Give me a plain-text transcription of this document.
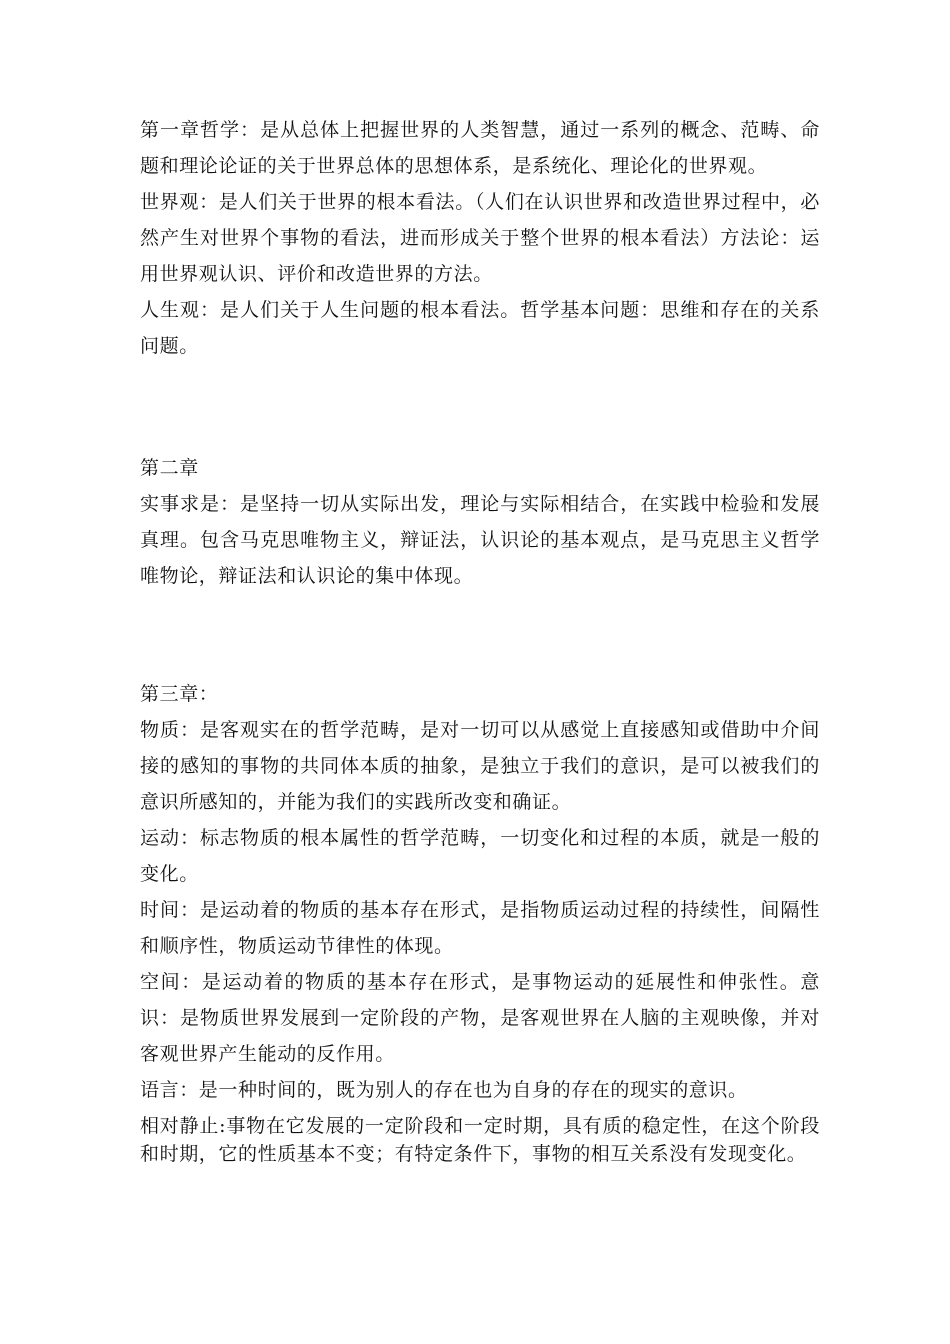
第一章哲学：是从总体上把握世界的人类智慧，通过一系列的概念、范畴、命题和理论论证的关于世界总体的思想体系，是系统化、理论化的世界观。

世界观：是人们关于世界的根本看法。（人们在认识世界和改造世界过程中，必然产生对世界个事物的看法，进而形成关于整个世界的根本看法）方法论：运用世界观认识、评价和改造世界的方法。

人生观：是人们关于人生问题的根本看法。哲学基本问题：思维和存在的关系问题。

第二章

实事求是：是坚持一切从实际出发，理论与实际相结合，在实践中检验和发展真理。包含马克思唯物主义，辩证法，认识论的基本观点，是马克思主义哲学唯物论，辩证法和认识论的集中体现。

第三章：

物质：是客观实在的哲学范畴，是对一切可以从感觉上直接感知或借助中介间接的感知的事物的共同体本质的抽象，是独立于我们的意识，是可以被我们的意识所感知的，并能为我们的实践所改变和确证。

运动：标志物质的根本属性的哲学范畴，一切变化和过程的本质，就是一般的变化。

时间：是运动着的物质的基本存在形式，是指物质运动过程的持续性，间隔性和顺序性，物质运动节律性的体现。

空间：是运动着的物质的基本存在形式，是事物运动的延展性和伸张性。意识：是物质世界发展到一定阶段的产物，是客观世界在人脑的主观映像，并对客观世界产生能动的反作用。

语言：是一种时间的，既为别人的存在也为自身的存在的现实的意识。

相对静止:事物在它发展的一定阶段和一定时期，具有质的稳定性，在这个阶段和时期，它的性质基本不变；有特定条件下，事物的相互关系没有发现变化。
